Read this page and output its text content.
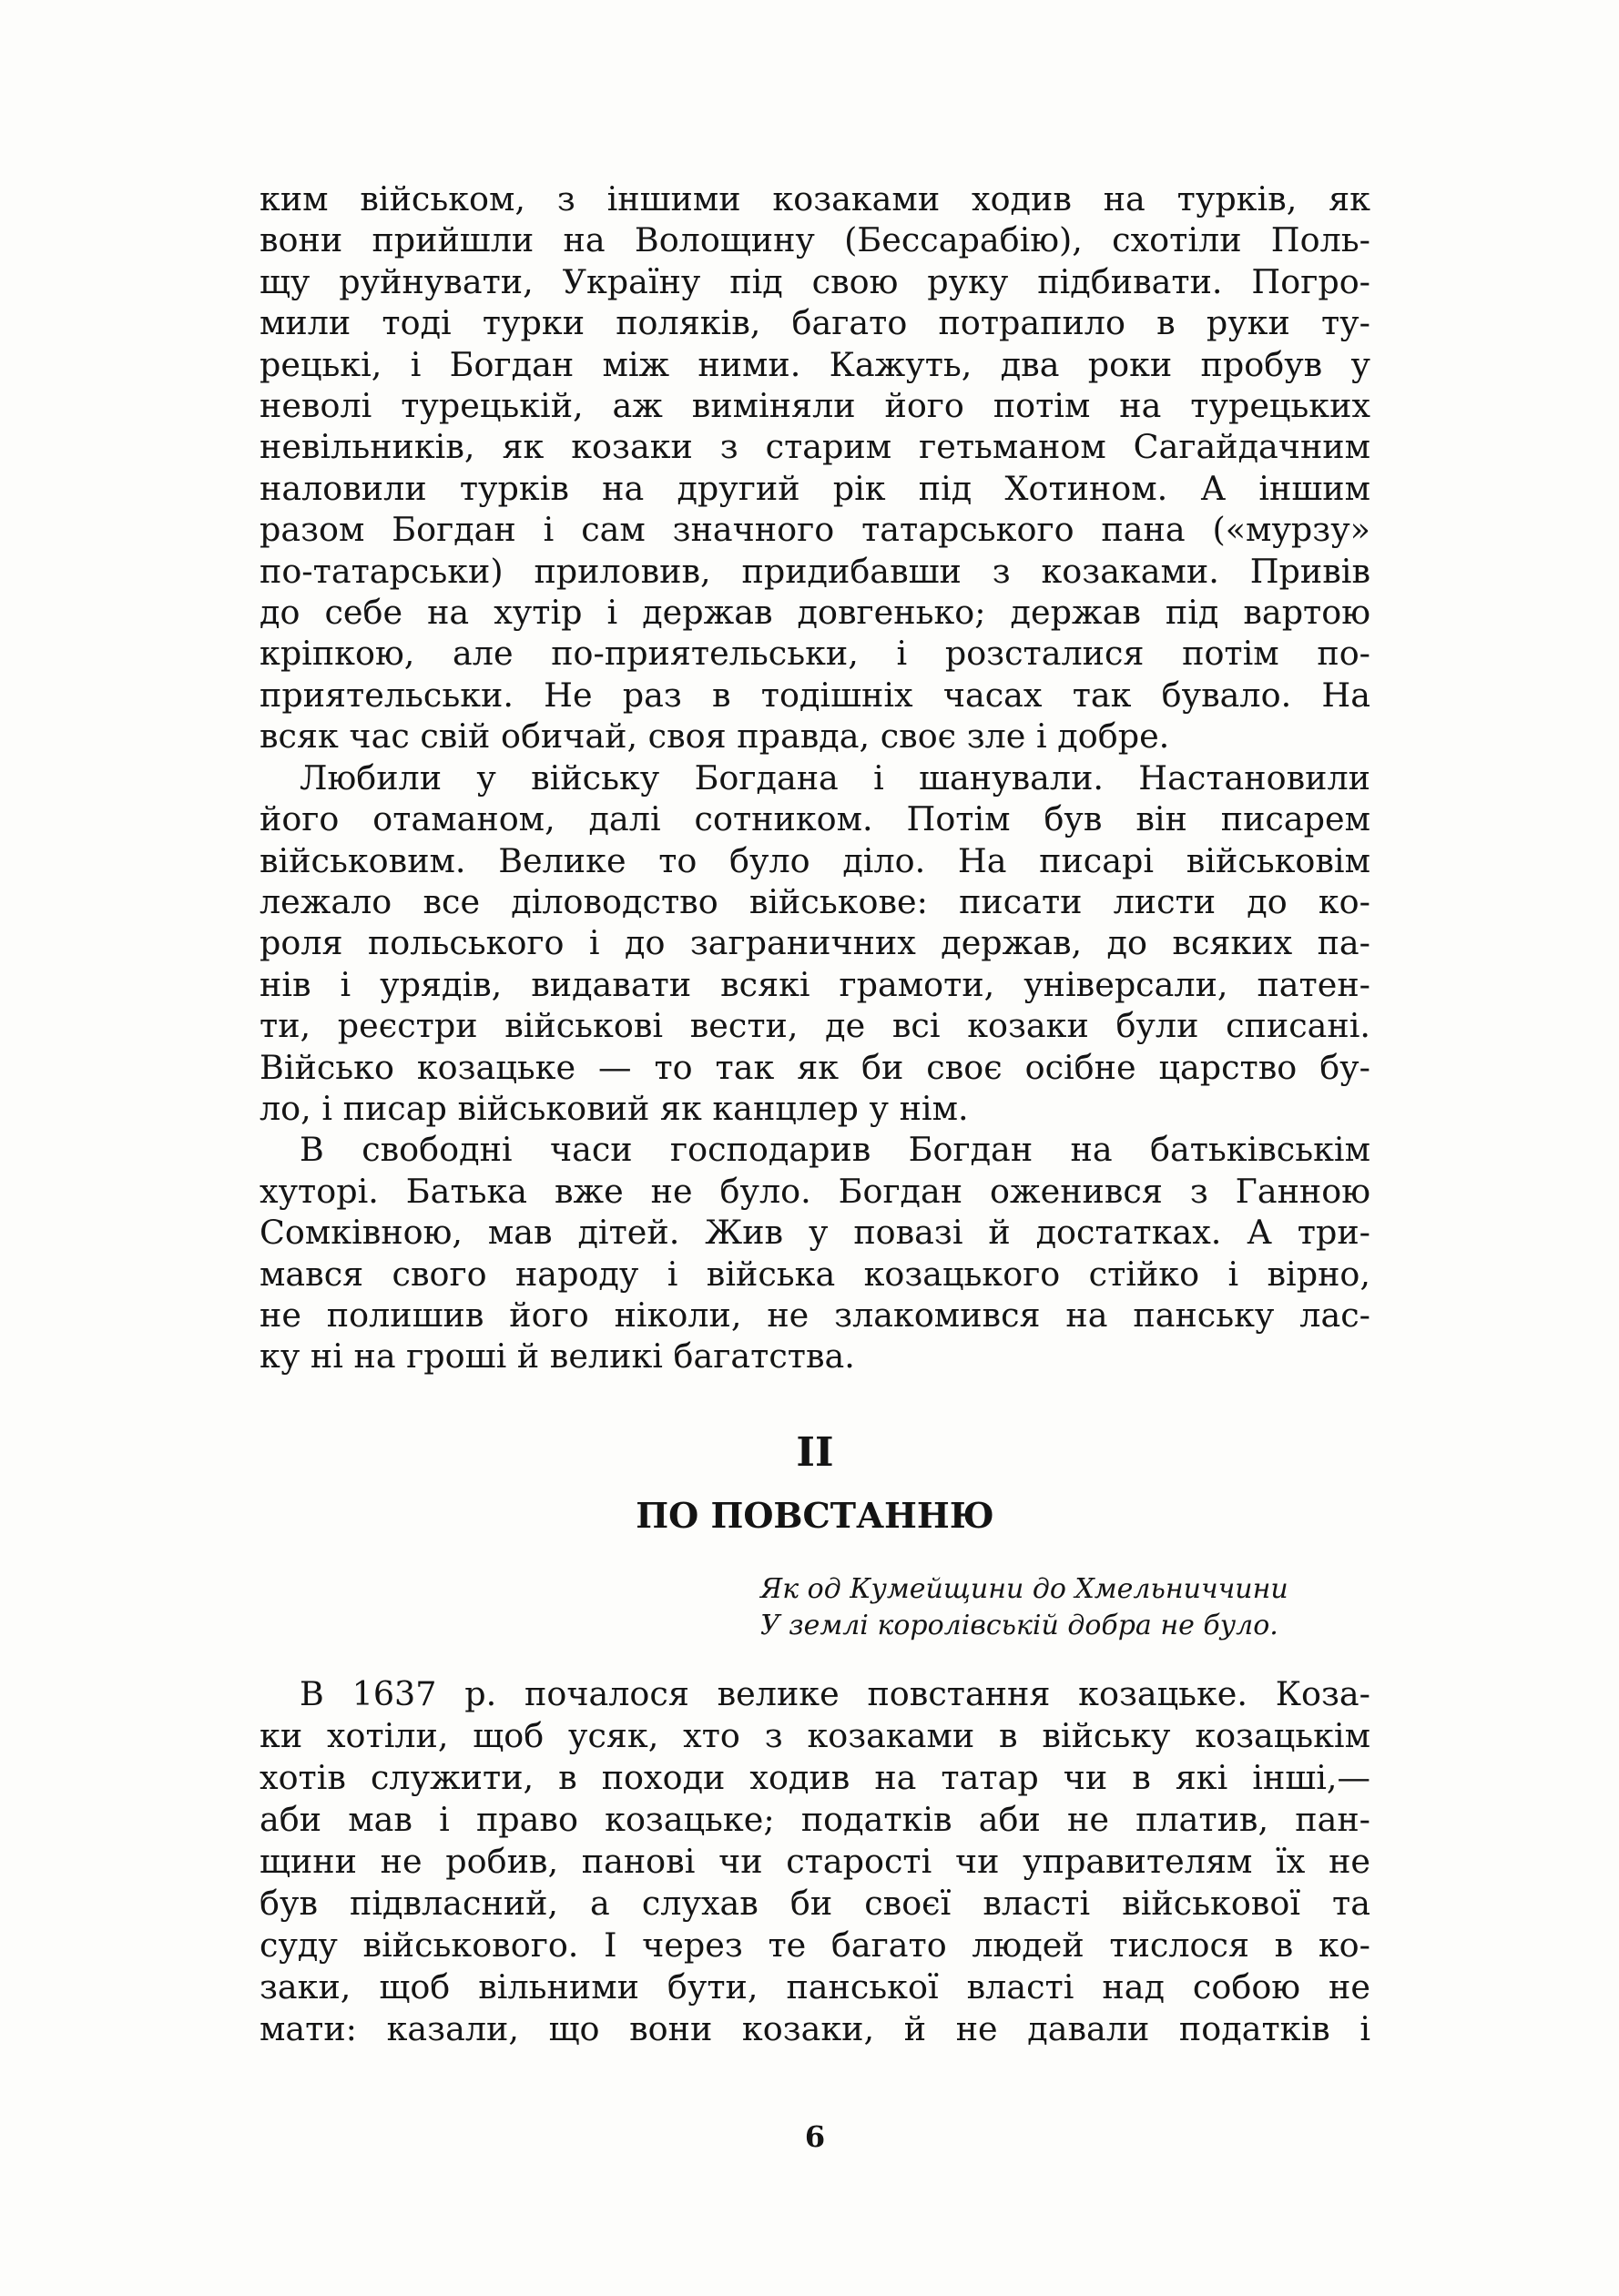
ким військом, з іншими козаками ходив на турків, як
вони прийшли на Волощину (Бессарабію), схотіли Поль-
щу руйнувати, Україну під свою руку підбивати. Погро-
мили тоді турки поляків, багато потрапило в руки ту-
рецькі, і Богдан між ними. Кажуть, два роки пробув у
неволі турецькій, аж виміняли його потім на турецьких
невільників, як козаки з старим гетьманом Сагайдачним
наловили турків на другий рік під Хотином. А іншим
разом Богдан і сам значного татарського пана («мурзу»
по-татарськи) приловив, придибавши з козаками. Привів
до себе на хутір і держав довгенько; держав під вартою
кріпкою, але по-приятельськи, і розсталися потім по-
приятельськи. Не раз в тодішніх часах так бувало. На
всяк час свій обичай, своя правда, своє зле і добре.
Любили у війську Богдана і шанували. Настановили
його отаманом, далі сотником. Потім був він писарем
військовим. Велике то було діло. На писарі військовім
лежало все діловодство військове: писати листи до ко-
роля польського і до заграничних держав, до всяких па-
нів і урядів, видавати всякі грамоти, універсали, патен-
ти, реєстри військові вести, де всі козаки були списані.
Військо козацьке — то так як би своє осібне царство бу-
ло, і писар військовий як канцлер у нім.
В свободні часи господарив Богдан на батьківськім
хуторі. Батька вже не було. Богдан оженився з Ганною
Сомківною, мав дітей. Жив у повазі й достатках. А три-
мався свого народу і війська козацького стійко і вірно,
не полишив його ніколи, не злакомився на панську лас-
ку ні на гроші й великі багатства.
II
ПО ПОВСТАННЮ
Як од Кумейщини до Хмельниччини
У землі королівській добра не було.
В 1637 р. почалося велике повстання козацьке. Коза-
ки хотіли, щоб усяк, хто з козаками в війську козацькім
хотів служити, в походи ходив на татар чи в які інші,—
аби мав і право козацьке; податків аби не платив, пан-
щини не робив, панові чи старості чи управителям їх не
був підвласний, а слухав би своєї власті військової та
суду військового. І через те багато людей тислося в ко-
заки, щоб вільними бути, панської власті над собою не
мати: казали, що вони козаки, й не давали податків і
6
